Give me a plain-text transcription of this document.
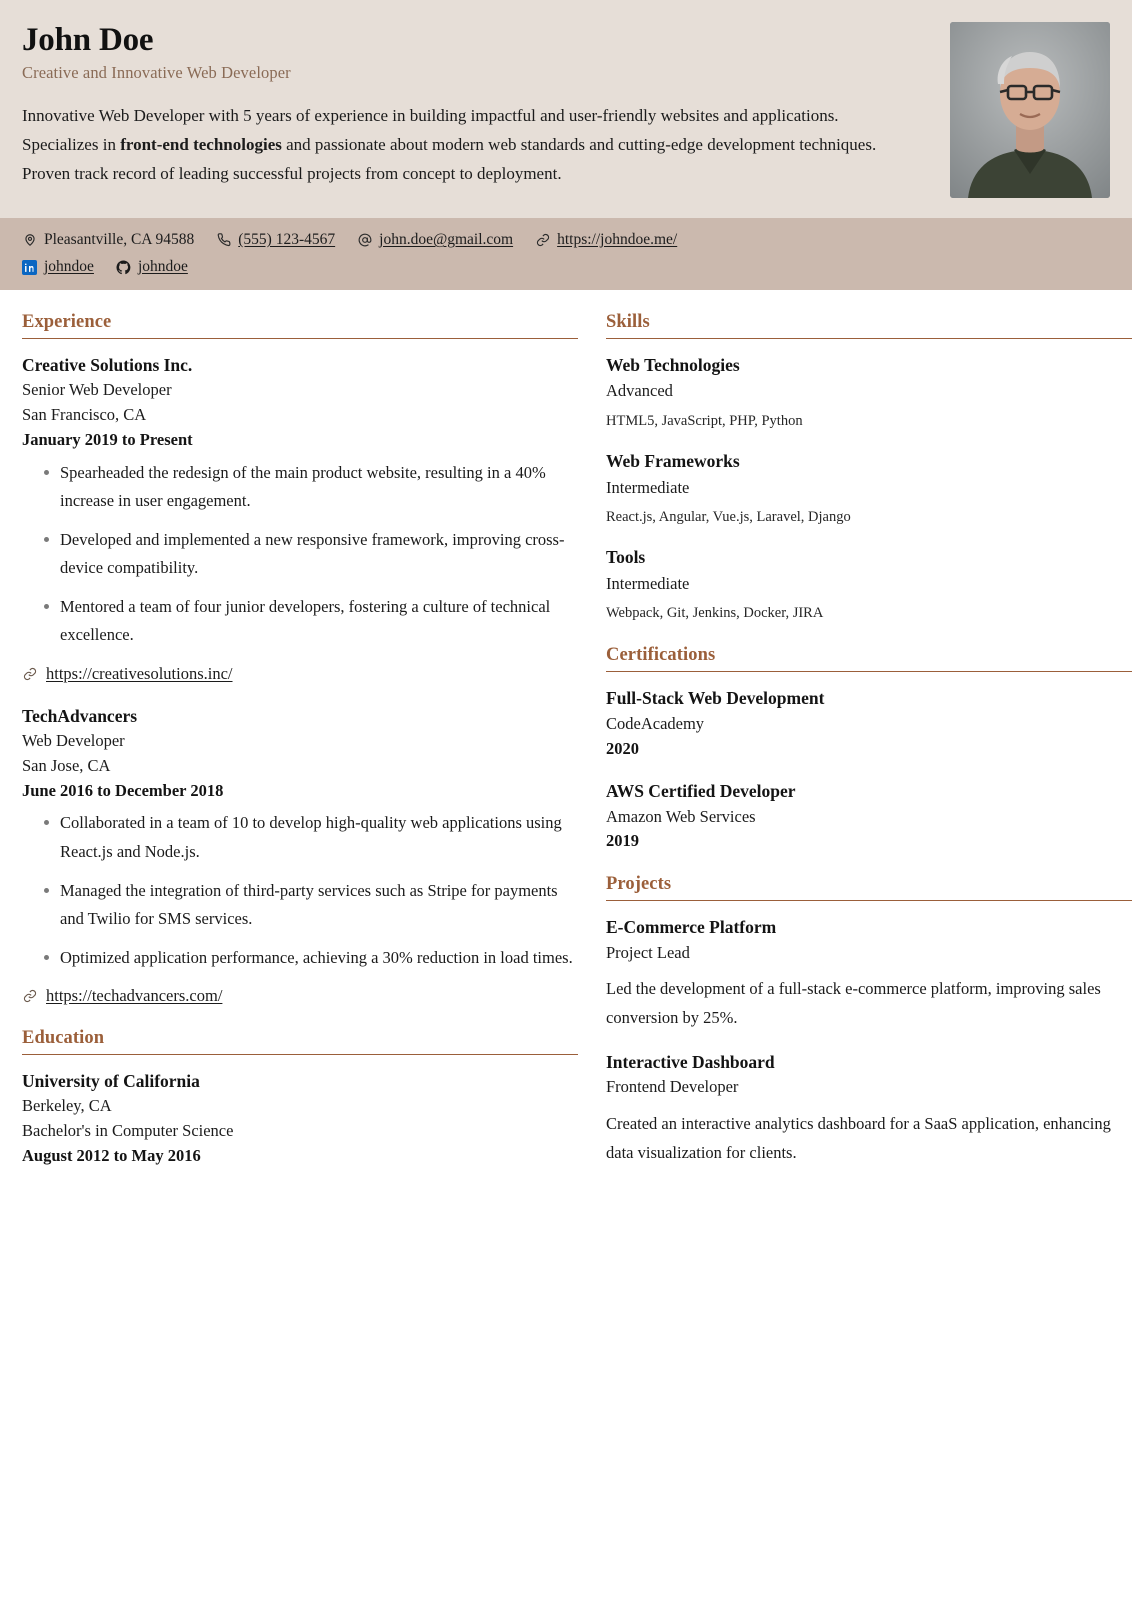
John Doe
Creative and Innovative Web Developer

Innovative Web Developer with 5 years of experience in building impactful and user-friendly websites and applications. Specializes in front-end technologies and passionate about modern web standards and cutting-edge development techniques. Proven track record of leading successful projects from concept to deployment.

Pleasantville, CA 94588	(555) 123-4567	john.doe@gmail.com	https://johndoe.me/
johndoe	johndoe
Experience
Creative Solutions Inc.
Senior Web Developer
San Francisco, CA
January 2019 to Present
Spearheaded the redesign of the main product website, resulting in a 40% increase in user engagement.
Developed and implemented a new responsive framework, improving cross-device compatibility.
Mentored a team of four junior developers, fostering a culture of technical excellence.
https://creativesolutions.inc/
TechAdvancers
Web Developer
San Jose, CA
June 2016 to December 2018
Collaborated in a team of 10 to develop high-quality web applications using React.js and Node.js.
Managed the integration of third-party services such as Stripe for payments and Twilio for SMS services.
Optimized application performance, achieving a 30% reduction in load times.
https://techadvancers.com/
Education
University of California
Berkeley, CA
Bachelor's in Computer Science
August 2012 to May 2016
Skills
Web Technologies
Advanced
HTML5, JavaScript, PHP, Python
Web Frameworks
Intermediate
React.js, Angular, Vue.js, Laravel, Django
Tools
Intermediate
Webpack, Git, Jenkins, Docker, JIRA
Certifications
Full-Stack Web Development
CodeAcademy
2020
AWS Certified Developer
Amazon Web Services
2019
Projects
E-Commerce Platform
Project Lead
Led the development of a full-stack e-commerce platform, improving sales conversion by 25%.
Interactive Dashboard
Frontend Developer
Created an interactive analytics dashboard for a SaaS application, enhancing data visualization for clients.
